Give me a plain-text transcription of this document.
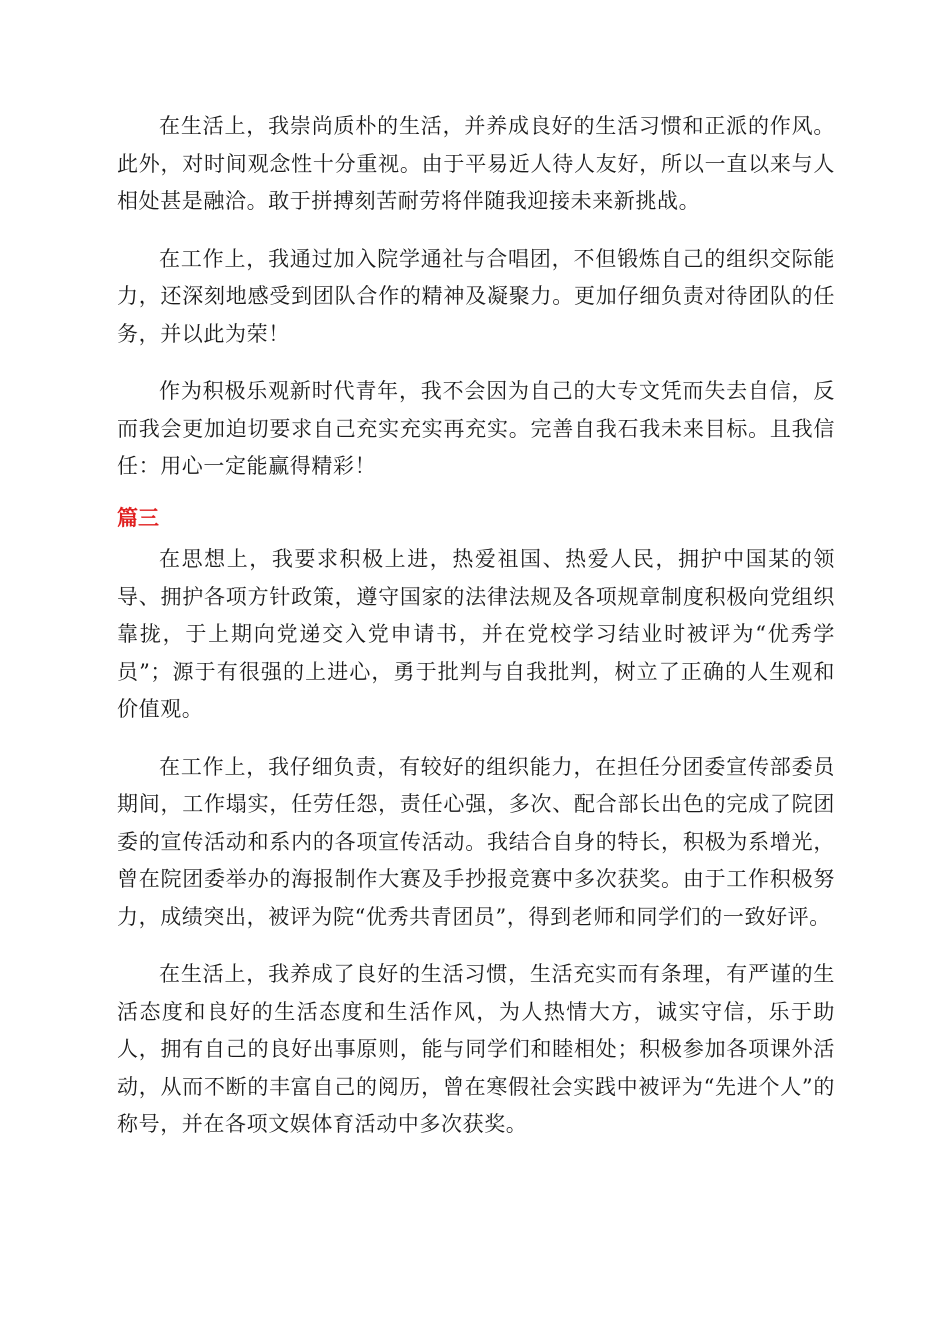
在生活上，我崇尚质朴的生活，并养成良好的生活习惯和正派的作风。此外，对时间观念性十分重视。由于平易近人待人友好，所以一直以来与人相处甚是融洽。敢于拼搏刻苦耐劳将伴随我迎接未来新挑战。

在工作上，我通过加入院学通社与合唱团，不但锻炼自己的组织交际能力，还深刻地感受到团队合作的精神及凝聚力。更加仔细负责对待团队的任务，并以此为荣！

作为积极乐观新时代青年，我不会因为自己的大专文凭而失去自信，反而我会更加迫切要求自己充实充实再充实。完善自我石我未来目标。且我信任：用心一定能赢得精彩！

篇三

在思想上，我要求积极上进，热爱祖国、热爱人民，拥护中国某的领导、拥护各项方针政策，遵守国家的法律法规及各项规章制度积极向党组织靠拢，于上期向党递交入党申请书，并在党校学习结业时被评为“优秀学员”；源于有很强的上进心，勇于批判与自我批判，树立了正确的人生观和价值观。

在工作上，我仔细负责，有较好的组织能力，在担任分团委宣传部委员期间，工作塌实，任劳任怨，责任心强，多次、配合部长出色的完成了院团委的宣传活动和系内的各项宣传活动。我结合自身的特长，积极为系增光，曾在院团委举办的海报制作大赛及手抄报竞赛中多次获奖。由于工作积极努力，成绩突出，被评为院“优秀共青团员”，得到老师和同学们的一致好评。

在生活上，我养成了良好的生活习惯，生活充实而有条理，有严谨的生活态度和良好的生活态度和生活作风，为人热情大方，诚实守信，乐于助人，拥有自己的良好出事原则，能与同学们和睦相处；积极参加各项课外活动，从而不断的丰富自己的阅历，曾在寒假社会实践中被评为“先进个人”的称号，并在各项文娱体育活动中多次获奖。
